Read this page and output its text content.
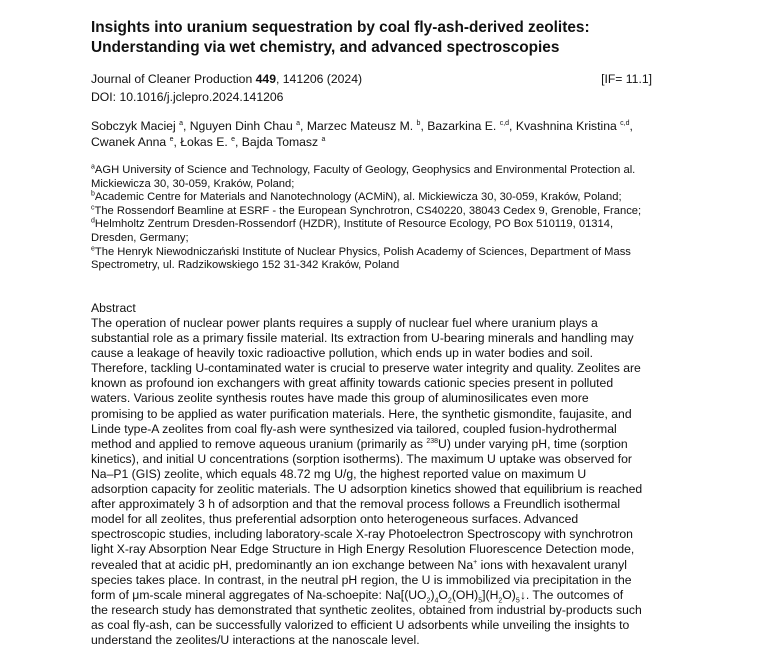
Insights into uranium sequestration by coal fly-ash-derived zeolites:
Understanding via wet chemistry, and advanced spectroscopies
Journal of Cleaner Production 449, 141206 (2024)	[IF= 11.1]
DOI: 10.1016/j.jclepro.2024.141206
Sobczyk Maciej $^a$, Nguyen Dinh Chau $^a$, Marzec Mateusz M. $^b$, Bazarkina E. $^{c,d}$, Kvashnina Kristina $^{c,d}$,
Cwanek Anna $^e$, Łokas E. $^e$, Bajda Tomasz $^a$
$^a$AGH University of Science and Technology, Faculty of Geology, Geophysics and Environmental Protection al.
Mickiewicza 30, 30-059, Kraków, Poland;
$^b$Academic Centre for Materials and Nanotechnology (ACMiN), al. Mickiewicza 30, 30-059, Kraków, Poland;
$^c$The Rossendorf Beamline at ESRF - the European Synchrotron, CS40220, 38043 Cedex 9, Grenoble, France;
$^d$Helmholtz Zentrum Dresden-Rossendorf (HZDR), Institute of Resource Ecology, PO Box 510119, 01314,
Dresden, Germany;
$^e$The Henryk Niewodniczański Institute of Nuclear Physics, Polish Academy of Sciences, Department of Mass
Spectrometry, ul. Radzikowskiego 152 31-342 Kraków, Poland
Abstract
The operation of nuclear power plants requires a supply of nuclear fuel where uranium plays a
substantial role as a primary fissile material. Its extraction from U-bearing minerals and handling may
cause a leakage of heavily toxic radioactive pollution, which ends up in water bodies and soil.
Therefore, tackling U-contaminated water is crucial to preserve water integrity and quality. Zeolites are
known as profound ion exchangers with great affinity towards cationic species present in polluted
waters. Various zeolite synthesis routes have made this group of aluminosilicates even more
promising to be applied as water purification materials. Here, the synthetic gismondite, faujasite, and
Linde type-A zeolites from coal fly-ash were synthesized via tailored, coupled fusion-hydrothermal
method and applied to remove aqueous uranium (primarily as $^{238}$U) under varying pH, time (sorption
kinetics), and initial U concentrations (sorption isotherms). The maximum U uptake was observed for
Na–P1 (GIS) zeolite, which equals 48.72 mg U/g, the highest reported value on maximum U
adsorption capacity for zeolitic materials. The U adsorption kinetics showed that equilibrium is reached
after approximately 3 h of adsorption and that the removal process follows a Freundlich isothermal
model for all zeolites, thus preferential adsorption onto heterogeneous surfaces. Advanced
spectroscopic studies, including laboratory-scale X-ray Photoelectron Spectroscopy with synchrotron
light X-ray Absorption Near Edge Structure in High Energy Resolution Fluorescence Detection mode,
revealed that at acidic pH, predominantly an ion exchange between Na+ ions with hexavalent uranyl
species takes place. In contrast, in the neutral pH region, the U is immobilized via precipitation in the
form of μm-scale mineral aggregates of Na-schoepite: $Na[(UO_2)_4O_2(OH)_5](H_2O)_5↓$. The outcomes of
the research study has demonstrated that synthetic zeolites, obtained from industrial by-products such
as coal fly-ash, can be successfully valorized to efficient U adsorbents while unveiling the insights to
understand the zeolites/U interactions at the nanoscale level.
